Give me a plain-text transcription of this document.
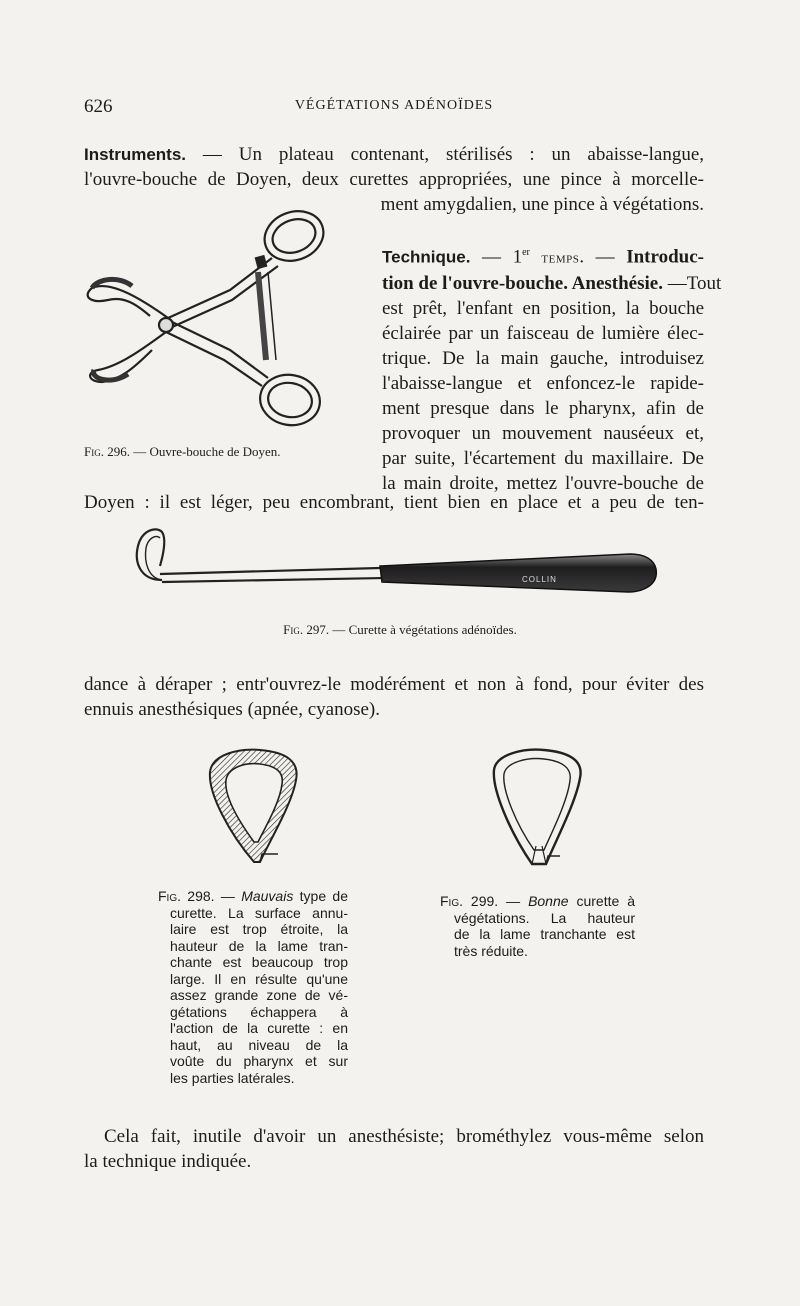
626	VÉGÉTATIONS ADÉNOÏDES
Instruments. — Un plateau contenant, stérilisés : un abaisse-langue,
l'ouvre-bouche de Doyen, deux curettes appropriées, une pince à morcelle-
ment amygdalien, une pince à végétations.
Fig. 296. — Ouvre-bouche de Doyen.
Technique. — 1er temps. — Introduc-
tion de l'ouvre-bouche. Anesthésie. —Tout
est prêt, l'enfant en position, la bouche
éclairée par un faisceau de lumière élec-
trique. De la main gauche, introduisez
l'abaisse-langue et enfoncez-le rapide-
ment presque dans le pharynx, afin de
provoquer un mouvement nauséeux et,
par suite, l'écartement du maxillaire. De
la main droite, mettez l'ouvre-bouche de
Doyen : il est léger, peu encombrant, tient bien en place et a peu de ten-
COLLIN
Fig. 297. — Curette à végétations adénoïdes.
dance à déraper ; entr'ouvrez-le modérément et non à fond, pour éviter des
ennuis anesthésiques (apnée, cyanose).
Fig. 298. — Mauvais type de
curette. La surface annu-
laire est trop étroite, la
hauteur de la lame tran-
chante est beaucoup trop
large. Il en résulte qu'une
assez grande zone de vé-
gétations échappera à
l'action de la curette : en
haut, au niveau de la
voûte du pharynx et sur
les parties latérales.
Fig. 299. — Bonne curette à
végétations. La hauteur
de la lame tranchante est
très réduite.
Cela fait, inutile d'avoir un anesthésiste; brométhylez vous-même selon
la technique indiquée.
